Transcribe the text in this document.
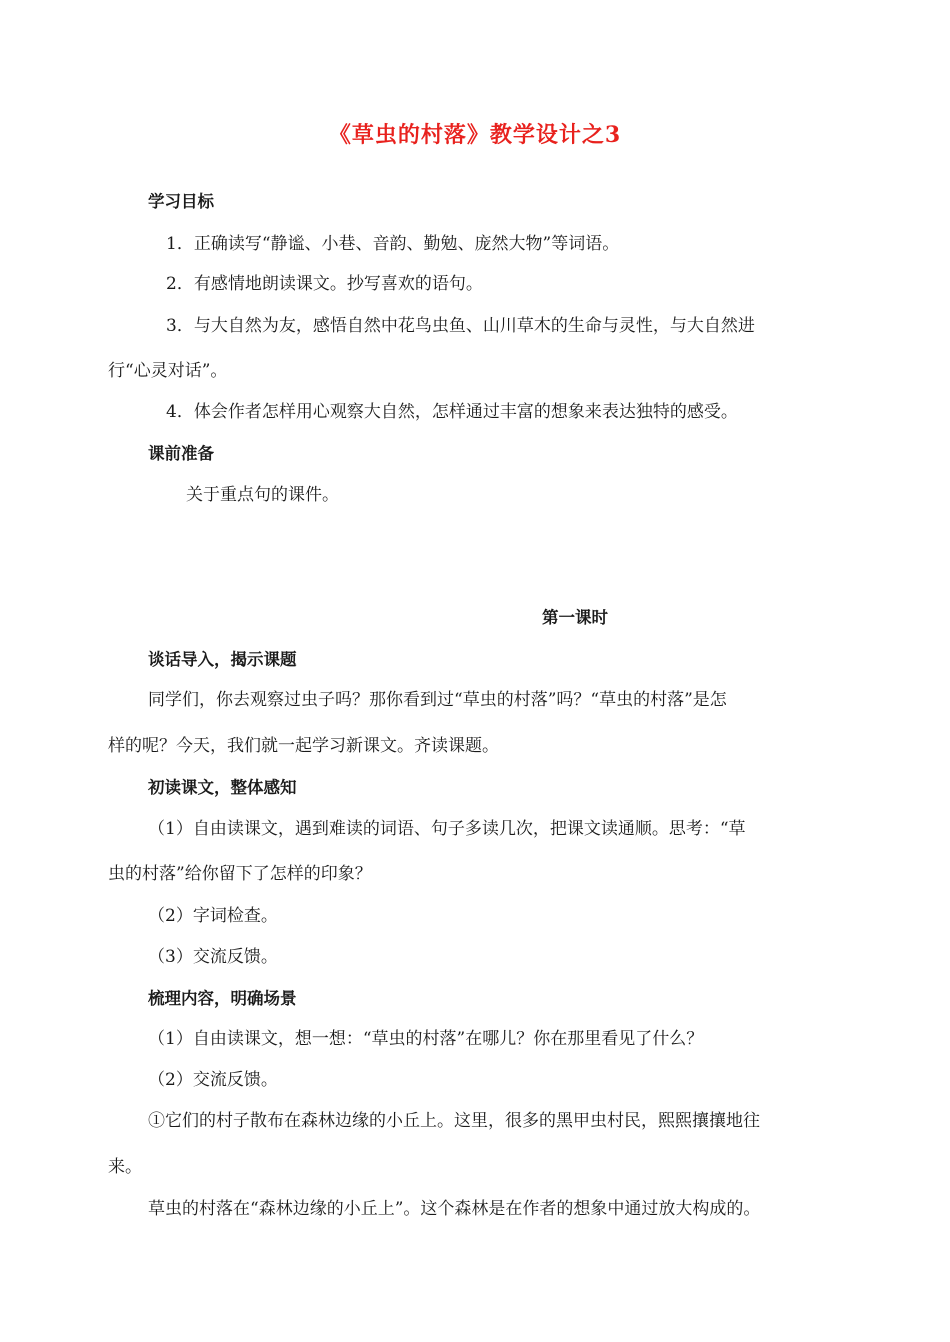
《草虫的村落》教学设计之3
学习目标
1．正确读写“静谧、小巷、音韵、勤勉、庞然大物”等词语。
2．有感情地朗读课文。抄写喜欢的语句。
3．与大自然为友，感悟自然中花鸟虫鱼、山川草木的生命与灵性，与大自然进
行“心灵对话”。
4．体会作者怎样用心观察大自然，怎样通过丰富的想象来表达独特的感受。
课前准备
关于重点句的课件。
第一课时
谈话导入，揭示课题
同学们，你去观察过虫子吗？那你看到过“草虫的村落”吗？“草虫的村落”是怎
样的呢？今天，我们就一起学习新课文。齐读课题。
初读课文，整体感知
（1）自由读课文，遇到难读的词语、句子多读几次，把课文读通顺。思考：“草
虫的村落”给你留下了怎样的印象？
（2）字词检查。
（3）交流反馈。
梳理内容，明确场景
（1）自由读课文，想一想：“草虫的村落”在哪儿？你在那里看见了什么？
（2）交流反馈。
①它们的村子散布在森林边缘的小丘上。这里，很多的黑甲虫村民，熙熙攘攘地往
来。
草虫的村落在“森林边缘的小丘上”。这个森林是在作者的想象中通过放大构成的。
